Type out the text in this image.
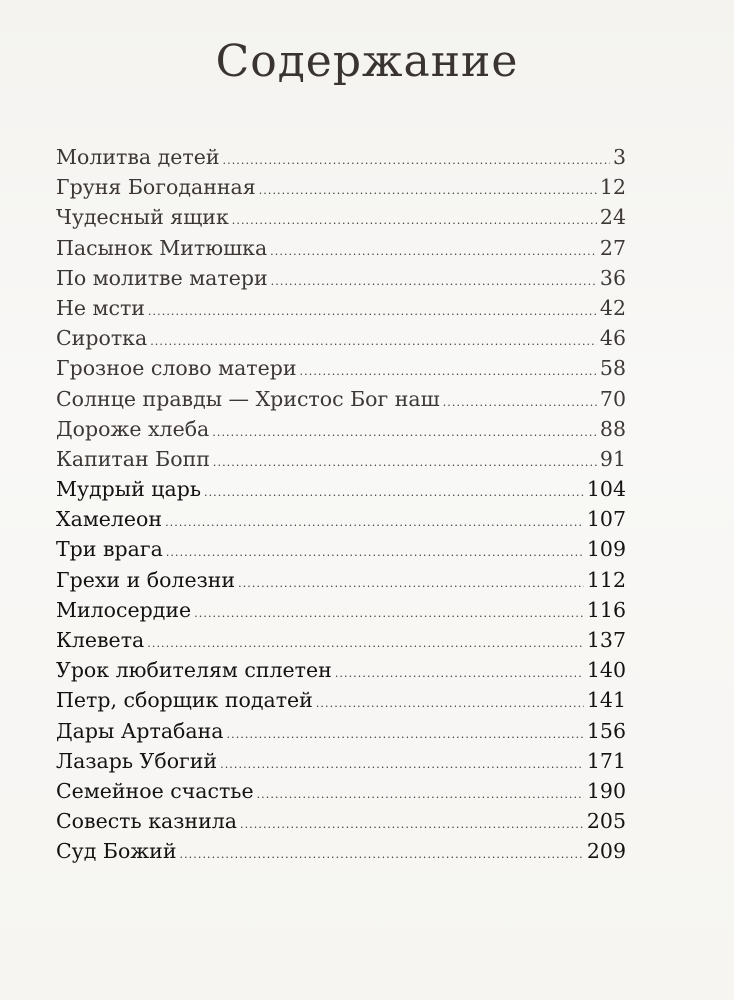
Содержание
Молитва детей . . .	3
Груня Богоданная . . .	12
Чудесный ящик . . .	24
Пасынок Митюшка . . .	27
По молитве матери . . .	36
Не мсти . . .	42
Сиротка . . .	46
Грозное слово матери . . .	58
Солнце правды — Христос Бог наш . . .	70
Дороже хлеба . . .	88
Капитан Бопп . . .	91
Мудрый царь . . .	104
Хамелеон . . .	107
Три врага . . .	109
Грехи и болезни . . .	112
Милосердие . . .	116
Клевета . . .	137
Урок любителям сплетен . . .	140
Петр, сборщик податей . . .	141
Дары Артабана . . .	156
Лазарь Убогий . . .	171
Семейное счастье . . .	190
Совесть казнила . . .	205
Суд Божий . . .	209
